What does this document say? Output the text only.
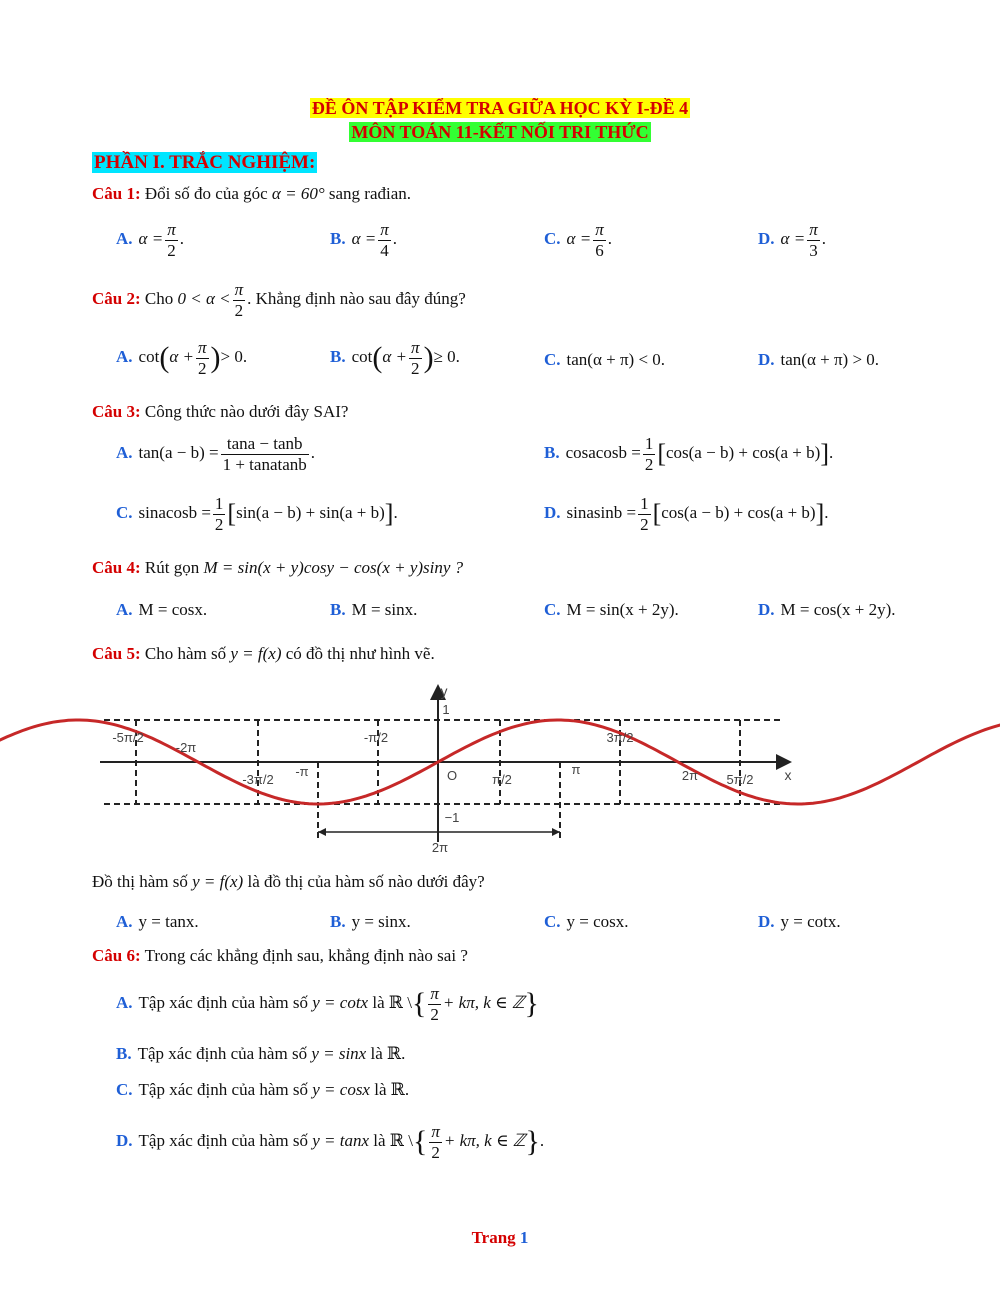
ĐỀ ÔN TẬP KIỂM TRA GIỮA HỌC KỲ I-ĐỀ 4
MÔN TOÁN 11-KẾT NỐI TRI THỨC
PHẦN I. TRẮC NGHIỆM:
Câu 1: Đổi số đo của góc α = 60° sang rađian.
A. $\alpha = \frac{\pi}{2}$ .	B. $\alpha = \frac{\pi}{4}$ .	C. $\alpha = \frac{\pi}{6}$ .	D. $\alpha = \frac{\pi}{3}$ .
Câu 2: Cho $0 < \alpha < \frac{\pi}{2}$ . Khẳng định nào sau đây đúng?
A. $\cot(\alpha + \frac{\pi}{2}$ )> 0.	B. $\cot(\alpha + \frac{\pi}{2}$ )≥ 0.	C. tan(α + π) < 0.	D. tan(α + π) > 0.
Câu 3: Công thức nào dưới đây SAI?
A. $\tan(a - b) = \frac{\tan a - \tan b}{\text{1 + tanatanb}}$ .	B. cosacosb = $\frac{1}{2} [\cos(a - b) + \cos(a + b)]$.
C. sinacosb = $\frac{1}{2} [\sin(a - b) + \sin(a + b)]$.	D. sinasinb = $\frac{1}{2} [\cos(a - b) + \cos(a + b)]$.
Câu 4: Rút gọn M = sin(x + y)cosy − cos(x + y)siny ?
A. M = cosx.	B. M = sinx.	C. M = sin(x + 2y).	D. M = cos(x + 2y).
Câu 5: Cho hàm số y = f(x) có đồ thị như hình vẽ.
y
x
O
1
−1
-5π/2
-2π
-π/2	3π/2
-3π/2
-π
π/2
π	2π 5π/2
2π
Đồ thị hàm số y = f(x) là đồ thị của hàm số nào dưới đây?
A. y = tanx.	B. y = sinx.	C. y = cosx.	D. y = cotx.
Câu 6: Trong các khẳng định sau, khẳng định nào sai ?
A. Tập xác định của hàm số y = cotx là ℝ \{ $\frac{\pi}{2} + k\pi$, k ∈ ℤ}
B. Tập xác định của hàm số y = sinx là ℝ.
C. Tập xác định của hàm số y = cosx là ℝ.
D. Tập xác định của hàm số y = tanx là ℝ \{ $\frac{\pi}{2} + k\pi$, k ∈ ℤ}.
Trang 1
